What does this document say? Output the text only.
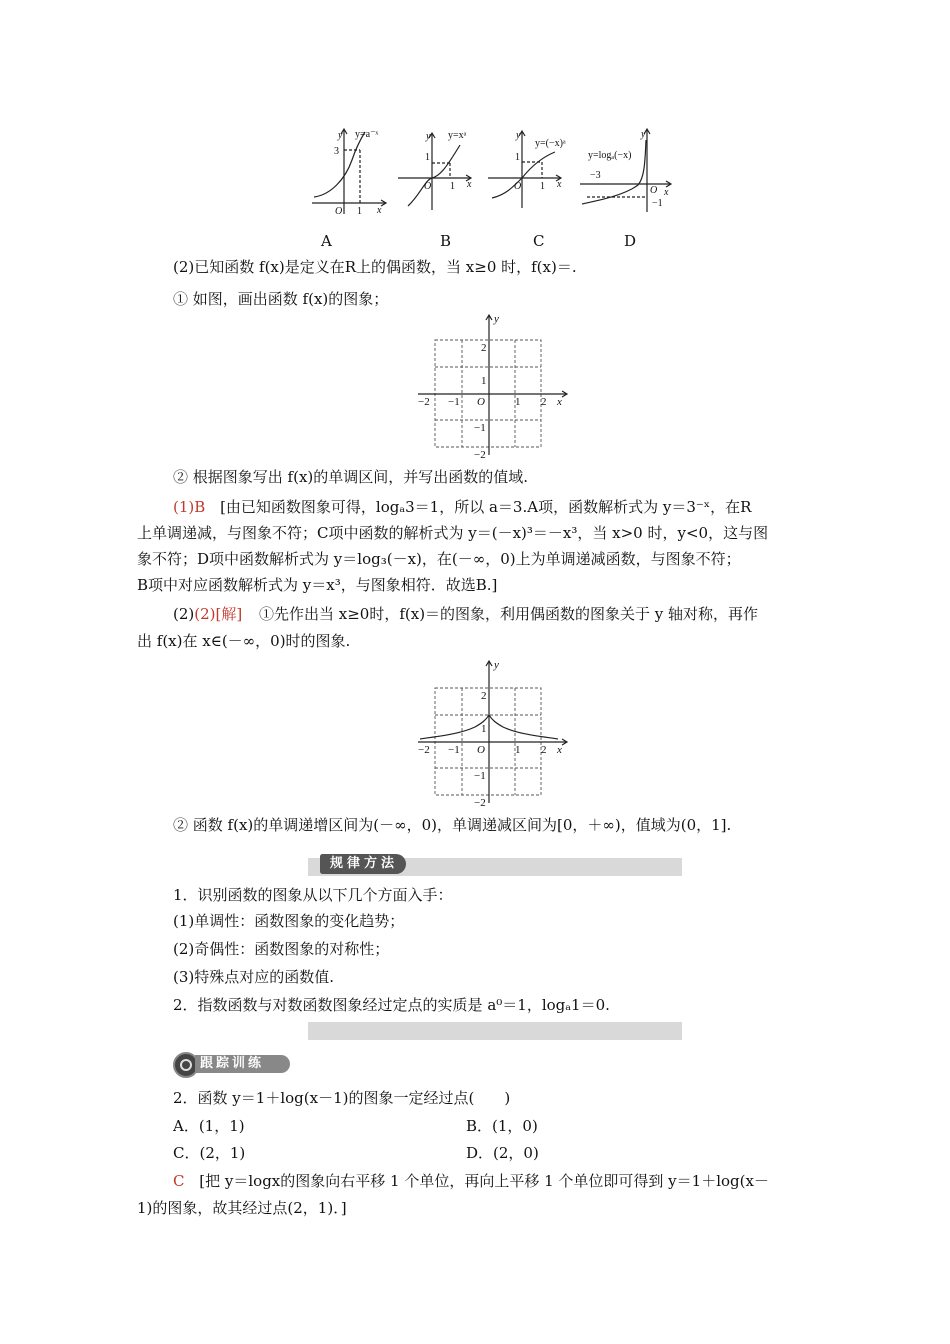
y y=a⁻ˣ
3
O 1 x
y y=xᵃ
1
O 1 x
y
y=(−x)ᵃ
1
O 1 x
y
y=logₐ(−x)
−3
O
−1
x
A	B	C	D
(2)已知函数 f(x)是定义在R上的偶函数，当 x≥0 时，f(x)＝.
① 如图，画出函数 f(x)的图象；
y
2
1
−2 −1 O	1 2 x
−1
−2
② 根据图象写出 f(x)的单调区间，并写出函数的值域.
(1)B [由已知函数图象可得，logₐ3＝1，所以 a＝3.A项，函数解析式为 y＝3⁻ˣ，在R
上单调递减，与图象不符；C项中函数的解析式为 y＝(－x)³＝－x³，当 x>0 时，y<0，这与图
象不符；D项中函数解析式为 y＝log₃(－x)，在(－∞，0)上为单调递减函数，与图象不符；
B项中对应函数解析式为 y＝x³，与图象相符．故选B.]
(2)(2)[解] ①先作出当 x≥0时，f(x)＝的图象，利用偶函数的图象关于 y 轴对称，再作
出 f(x)在 x∈(－∞，0)时的图象.
y
2
1
−2 −1 O	1 2 x
−1
−2
② 函数 f(x)的单调递增区间为(－∞，0)，单调递减区间为[0，＋∞)，值域为(0，1].
规律方法
1．识别函数的图象从以下几个方面入手：
(1)单调性：函数图象的变化趋势；
(2)奇偶性：函数图象的对称性；
(3)特殊点对应的函数值.
2．指数函数与对数函数图象经过定点的实质是 a⁰＝1，logₐ1＝0.
跟踪训练
2．函数 y＝1＋log(x－1)的图象一定经过点(　　)
A．(1，1)	B．(1，0)
C．(2，1)	D．(2，0)
C [把 y＝logx的图象向右平移 1 个单位，再向上平移 1 个单位即可得到 y＝1＋log(x－
1)的图象，故其经过点(2，1)．]
